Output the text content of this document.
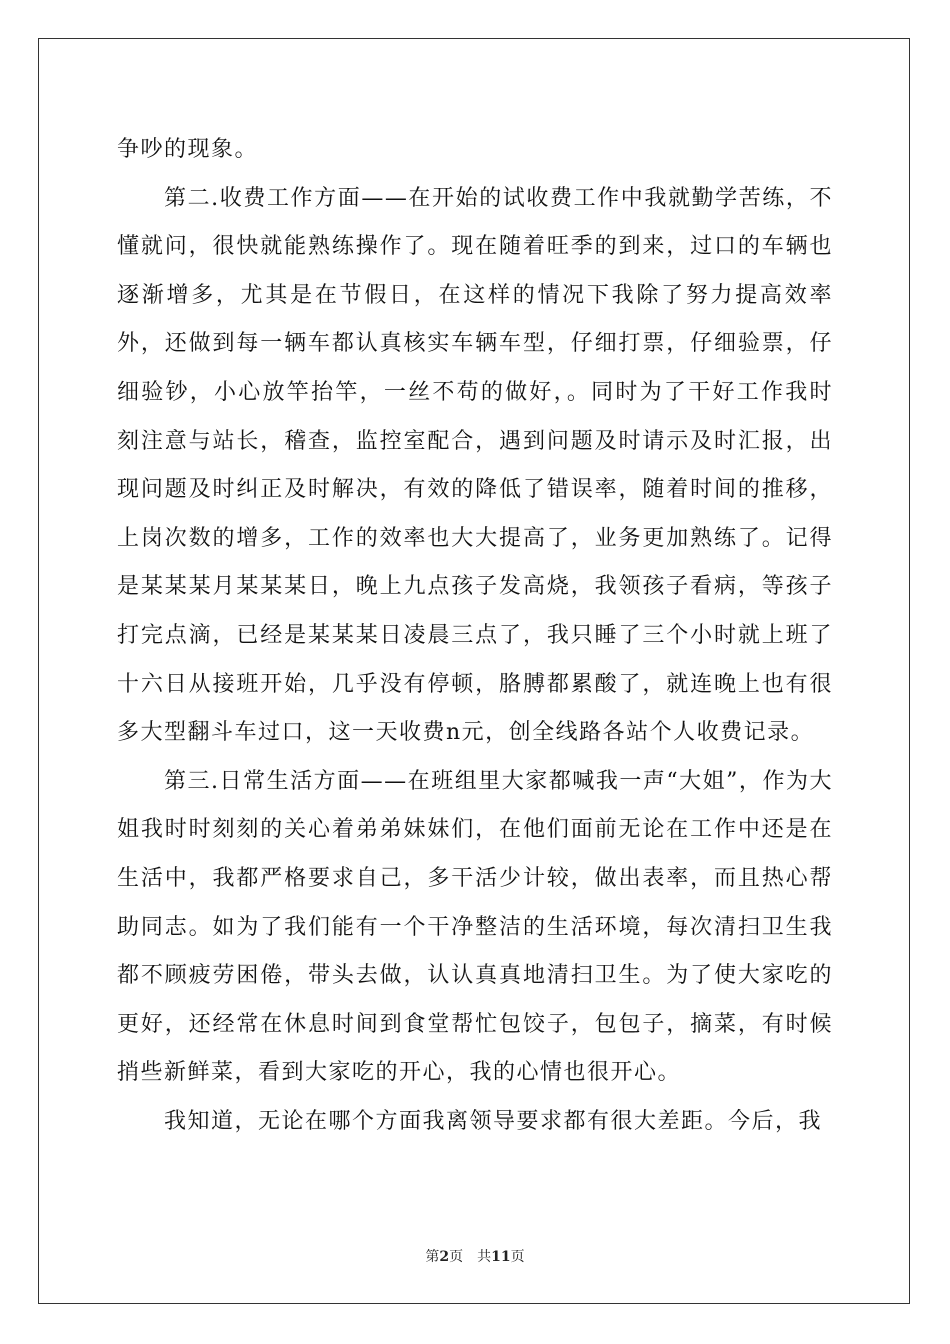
争吵的现象。

第二.收费工作方面——在开始的试收费工作中我就勤学苦练，不懂就问，很快就能熟练操作了。现在随着旺季的到来，过口的车辆也逐渐增多，尤其是在节假日，在这样的情况下我除了努力提高效率外，还做到每一辆车都认真核实车辆车型，仔细打票，仔细验票，仔细验钞，小心放竿抬竿，一丝不苟的做好，。同时为了干好工作我时刻注意与站长，稽查，监控室配合，遇到问题及时请示及时汇报，出现问题及时纠正及时解决，有效的降低了错误率，随着时间的推移，上岗次数的增多，工作的效率也大大提高了，业务更加熟练了。记得是某某某月某某某日，晚上九点孩子发高烧，我领孩子看病，等孩子打完点滴，已经是某某某日凌晨三点了，我只睡了三个小时就上班了十六日从接班开始，几乎没有停顿，胳膊都累酸了，就连晚上也有很多大型翻斗车过口，这一天收费n元，创全线路各站个人收费记录。

第三.日常生活方面——在班组里大家都喊我一声“大姐”，作为大姐我时时刻刻的关心着弟弟妹妹们，在他们面前无论在工作中还是在生活中，我都严格要求自己，多干活少计较，做出表率，而且热心帮助同志。如为了我们能有一个干净整洁的生活环境，每次清扫卫生我都不顾疲劳困倦，带头去做，认认真真地清扫卫生。为了使大家吃的更好，还经常在休息时间到食堂帮忙包饺子，包包子，摘菜，有时候捎些新鲜菜，看到大家吃的开心，我的心情也很开心。

我知道，无论在哪个方面我离领导要求都有很大差距。今后，我

第2页 共11页
